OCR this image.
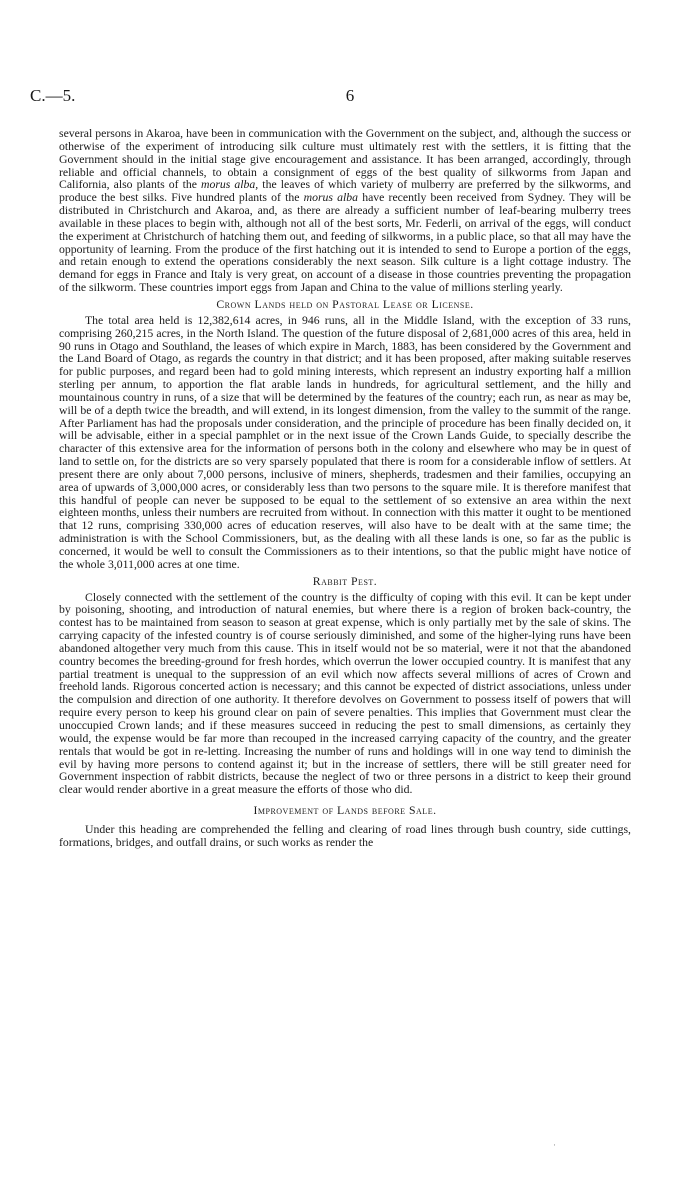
C.—5.	6

several persons in Akaroa, have been in communication with the Government on the subject, and, although the success or otherwise of the experiment of introducing silk culture must ultimately rest with the settlers, it is fitting that the Government should in the initial stage give encouragement and assistance. It has been arranged, accordingly, through reliable and official channels, to obtain a consignment of eggs of the best quality of silkworms from Japan and California, also plants of the morus alba, the leaves of which variety of mulberry are preferred by the silkworms, and produce the best silks. Five hundred plants of the morus alba have recently been received from Sydney. They will be distributed in Christchurch and Akaroa, and, as there are already a sufficient number of leaf-bearing mulberry trees available in these places to begin with, although not all of the best sorts, Mr. Federli, on arrival of the eggs, will conduct the experiment at Christchurch of hatching them out, and feeding of silkworms, in a public place, so that all may have the opportunity of learning. From the produce of the first hatching out it is intended to send to Europe a portion of the eggs, and retain enough to extend the operations considerably the next season. Silk culture is a light cottage industry. The demand for eggs in France and Italy is very great, on account of a disease in those countries preventing the propagation of the silkworm. These countries import eggs from Japan and China to the value of millions sterling yearly.

Crown Lands held on Pastoral Lease or License.

The total area held is 12,382,614 acres, in 946 runs, all in the Middle Island, with the exception of 33 runs, comprising 260,215 acres, in the North Island. The question of the future disposal of 2,681,000 acres of this area, held in 90 runs in Otago and Southland, the leases of which expire in March, 1883, has been considered by the Government and the Land Board of Otago, as regards the country in that district; and it has been proposed, after making suitable reserves for public purposes, and regard been had to gold mining interests, which represent an industry exporting half a million sterling per annum, to apportion the flat arable lands in hundreds, for agricultural settlement, and the hilly and mountainous country in runs, of a size that will be determined by the features of the country; each run, as near as may be, will be of a depth twice the breadth, and will extend, in its longest dimension, from the valley to the summit of the range. After Parliament has had the proposals under consideration, and the principle of procedure has been finally decided on, it will be advisable, either in a special pamphlet or in the next issue of the Crown Lands Guide, to specially describe the character of this extensive area for the information of persons both in the colony and elsewhere who may be in quest of land to settle on, for the districts are so very sparsely populated that there is room for a considerable inflow of settlers. At present there are only about 7,000 persons, inclusive of miners, shepherds, tradesmen and their families, occupying an area of upwards of 3,000,000 acres, or considerably less than two persons to the square mile. It is therefore manifest that this handful of people can never be supposed to be equal to the settlement of so extensive an area within the next eighteen months, unless their numbers are recruited from without. In connection with this matter it ought to be mentioned that 12 runs, comprising 330,000 acres of education reserves, will also have to be dealt with at the same time; the administration is with the School Commissioners, but, as the dealing with all these lands is one, so far as the public is concerned, it would be well to consult the Commissioners as to their intentions, so that the public might have notice of the whole 3,011,000 acres at one time.

Rabbit Pest.

Closely connected with the settlement of the country is the difficulty of coping with this evil. It can be kept under by poisoning, shooting, and introduction of natural enemies, but where there is a region of broken back-country, the contest has to be maintained from season to season at great expense, which is only partially met by the sale of skins. The carrying capacity of the infested country is of course seriously diminished, and some of the higher-lying runs have been abandoned altogether very much from this cause. This in itself would not be so material, were it not that the abandoned country becomes the breeding-ground for fresh hordes, which overrun the lower occupied country. It is manifest that any partial treatment is unequal to the suppression of an evil which now affects several millions of acres of Crown and freehold lands. Rigorous concerted action is necessary; and this cannot be expected of district associations, unless under the compulsion and direction of one authority. It therefore devolves on Government to possess itself of powers that will require every person to keep his ground clear on pain of severe penalties. This implies that Government must clear the unoccupied Crown lands; and if these measures succeed in reducing the pest to small dimensions, as certainly they would, the expense would be far more than recouped in the increased carrying capacity of the country, and the greater rentals that would be got in re-letting. Increasing the number of runs and holdings will in one way tend to diminish the evil by having more persons to contend against it; but in the increase of settlers, there will be still greater need for Government inspection of rabbit districts, because the neglect of two or three persons in a district to keep their ground clear would render abortive in a great measure the efforts of those who did.

Improvement of Lands before Sale.

Under this heading are comprehended the felling and clearing of road lines through bush country, side cuttings, formations, bridges, and outfall drains, or such works as render the

·
